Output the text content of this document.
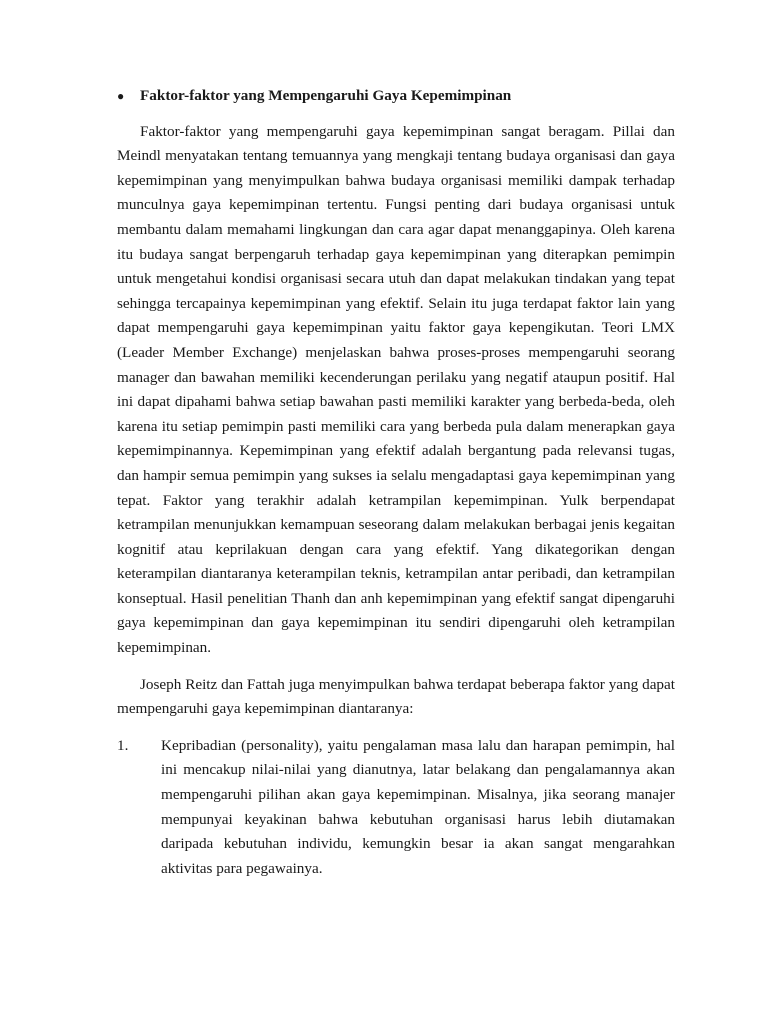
●	Faktor-faktor yang Mempengaruhi Gaya Kepemimpinan

Faktor-faktor yang mempengaruhi gaya kepemimpinan sangat beragam. Pillai dan Meindl menyatakan tentang temuannya yang mengkaji tentang budaya organisasi dan gaya kepemimpinan yang menyimpulkan bahwa budaya organisasi memiliki dampak terhadap munculnya gaya kepemimpinan tertentu. Fungsi penting dari budaya organisasi untuk membantu dalam memahami lingkungan dan cara agar dapat menanggapinya. Oleh karena itu budaya sangat berpengaruh terhadap gaya kepemimpinan yang diterapkan pemimpin untuk mengetahui kondisi organisasi secara utuh dan dapat melakukan tindakan yang tepat sehingga tercapainya kepemimpinan yang efektif. Selain itu juga terdapat faktor lain yang dapat mempengaruhi gaya kepemimpinan yaitu faktor gaya kepengikutan. Teori LMX (Leader Member Exchange) menjelaskan bahwa proses-proses mempengaruhi seorang manager dan bawahan memiliki kecenderungan perilaku yang negatif ataupun positif. Hal ini dapat dipahami bahwa setiap bawahan pasti memiliki karakter yang berbeda-beda, oleh karena itu setiap pemimpin pasti memiliki cara yang berbeda pula dalam menerapkan gaya kepemimpinannya. Kepemimpinan yang efektif adalah bergantung pada relevansi tugas, dan hampir semua pemimpin yang sukses ia selalu mengadaptasi gaya kepemimpinan yang tepat. Faktor yang terakhir adalah ketrampilan kepemimpinan. Yulk berpendapat ketrampilan menunjukkan kemampuan seseorang dalam melakukan berbagai jenis kegaitan kognitif atau keprilakuan dengan cara yang efektif. Yang dikategorikan dengan keterampilan diantaranya keterampilan teknis, ketrampilan antar peribadi, dan ketrampilan konseptual. Hasil penelitian Thanh dan anh kepemimpinan yang efektif sangat dipengaruhi gaya kepemimpinan dan gaya kepemimpinan itu sendiri dipengaruhi oleh ketrampilan kepemimpinan.

Joseph Reitz dan Fattah juga menyimpulkan bahwa terdapat beberapa faktor yang dapat mempengaruhi gaya kepemimpinan diantaranya:

1.	Kepribadian (personality), yaitu pengalaman masa lalu dan harapan pemimpin, hal ini mencakup nilai-nilai yang dianutnya, latar belakang dan pengalamannya akan mempengaruhi pilihan akan gaya kepemimpinan. Misalnya, jika seorang manajer mempunyai keyakinan bahwa kebutuhan organisasi harus lebih diutamakan daripada kebutuhan individu, kemungkin besar ia akan sangat mengarahkan aktivitas para pegawainya.
